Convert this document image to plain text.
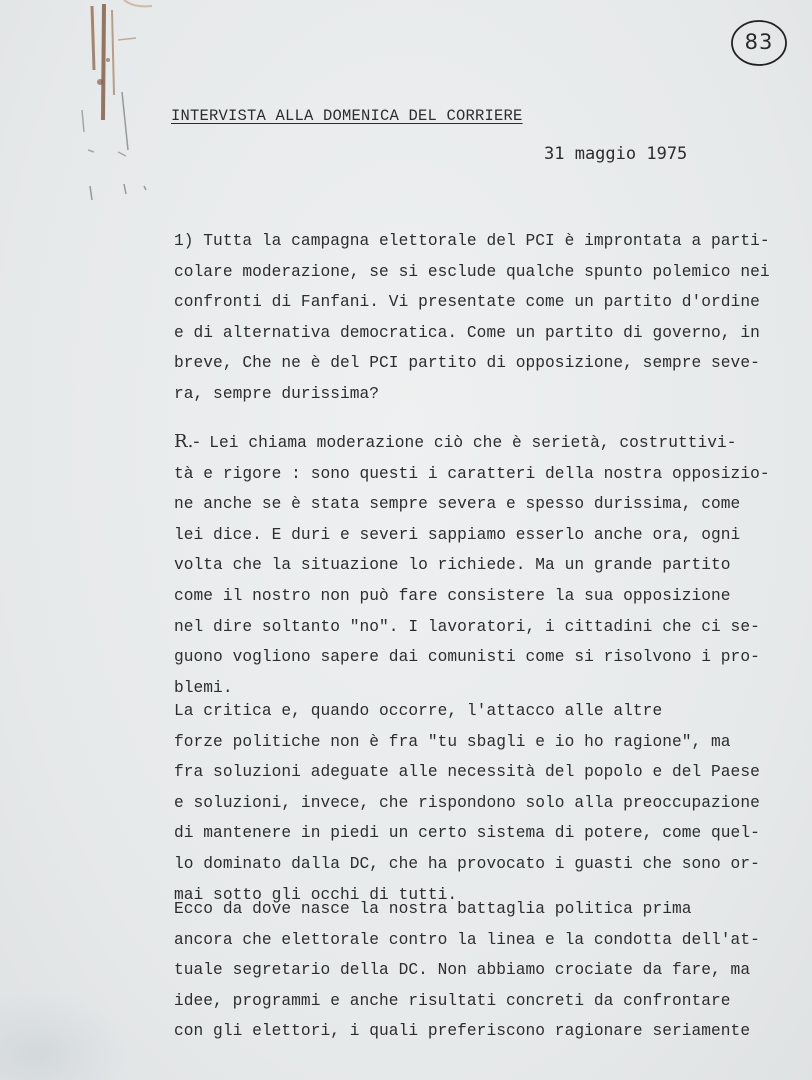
83
INTERVISTA ALLA DOMENICA DEL CORRIERE
31 maggio 1975
1) Tutta la campagna elettorale del PCI è improntata a parti-
colare moderazione, se si esclude qualche spunto polemico nei
confronti di Fanfani. Vi presentate come un partito d'ordine
e di alternativa democratica. Come un partito di governo, in
breve, Che ne è del PCI partito di opposizione, sempre seve-
ra, sempre durissima?
R.- Lei chiama moderazione ciò che è serietà, costruttivi-
tà e rigore : sono questi i caratteri della nostra opposizio-
ne anche se è stata sempre severa e spesso durissima, come
lei dice. E duri e severi sappiamo esserlo anche ora, ogni
volta che la situazione lo richiede. Ma un grande partito
come il nostro non può fare consistere la sua opposizione
nel dire soltanto "no". I lavoratori, i cittadini che ci se-
guono vogliono sapere dai comunisti come si risolvono i pro-
blemi.
La critica e, quando occorre, l'attacco alle altre
forze politiche non è fra "tu sbagli e io ho ragione", ma
fra soluzioni adeguate alle necessità del popolo e del Paese
e soluzioni, invece, che rispondono solo alla preoccupazione
di mantenere in piedi un certo sistema di potere, come quel-
lo dominato dalla DC, che ha provocato i guasti che sono or-
mai sotto gli occhi di tutti.
Ecco da dove nasce la nostra battaglia politica prima
ancora che elettorale contro la linea e la condotta dell'at-
tuale segretario della DC. Non abbiamo crociate da fare, ma
idee, programmi e anche risultati concreti da confrontare
con gli elettori, i quali preferiscono ragionare seriamente
